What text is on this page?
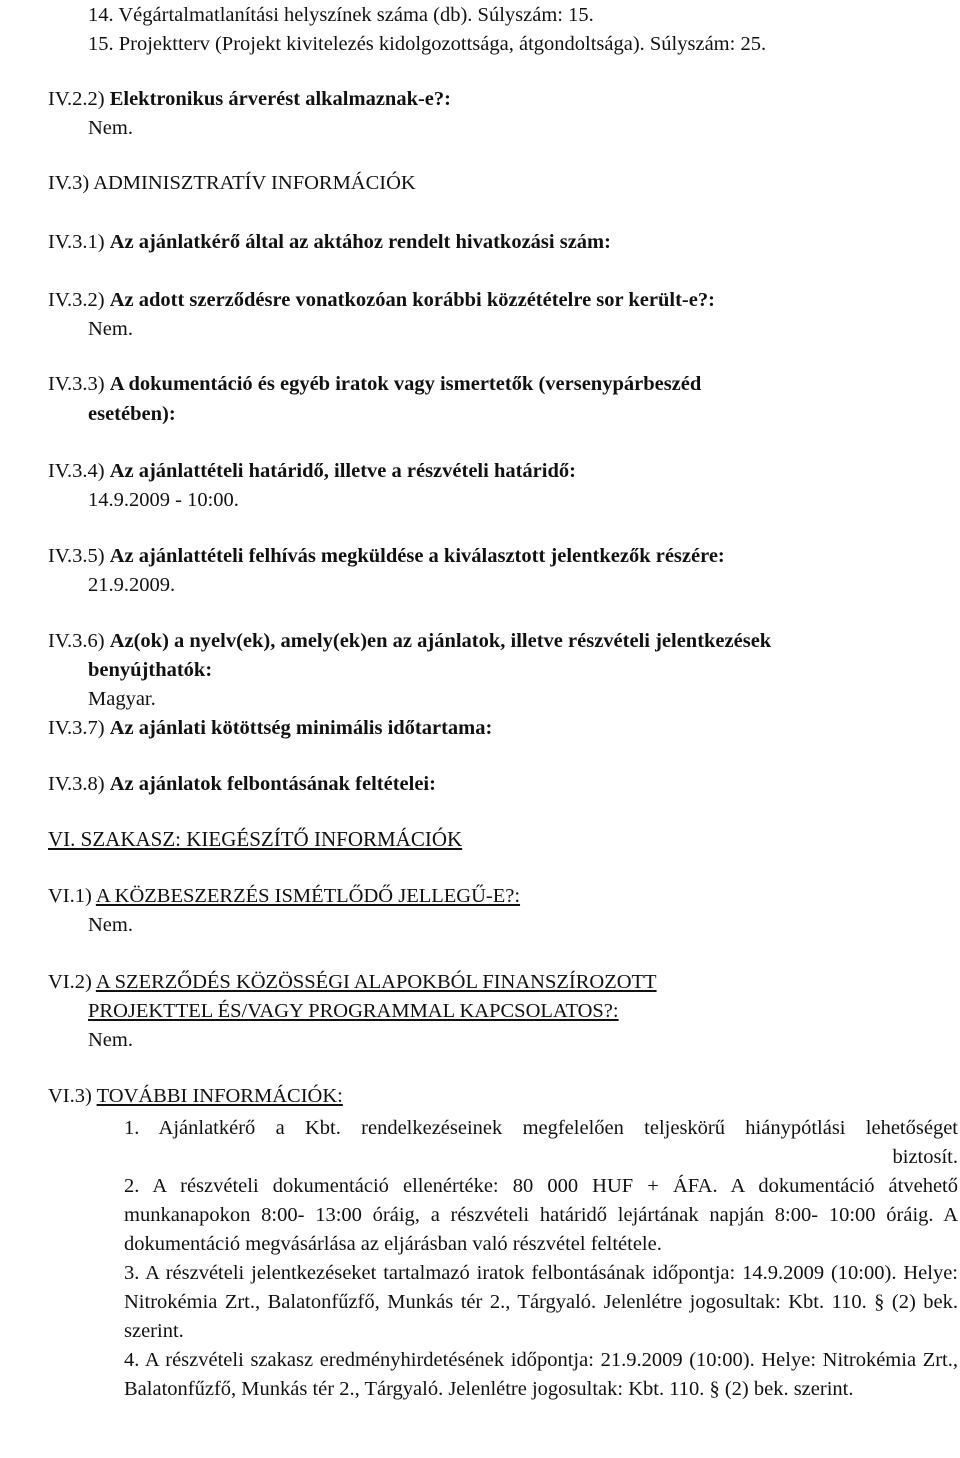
14. Végártalmatlanítási helyszínek száma (db). Súlyszám: 15.
15. Projektterv (Projekt kivitelezés kidolgozottsága, átgondoltsága). Súlyszám: 25.
IV.2.2) Elektronikus árverést alkalmaznak-e?:
Nem.
IV.3) ADMINISZTRATÍV INFORMÁCIÓK
IV.3.1) Az ajánlatkérő által az aktához rendelt hivatkozási szám:
IV.3.2) Az adott szerződésre vonatkozóan korábbi közzétételre sor került-e?:
Nem.
IV.3.3) A dokumentáció és egyéb iratok vagy ismertetők (versenypárbeszéd
esetében):
IV.3.4) Az ajánlattételi határidő, illetve a részvételi határidő:
14.9.2009 - 10:00.
IV.3.5) Az ajánlattételi felhívás megküldése a kiválasztott jelentkezők részére:
21.9.2009.
IV.3.6) Az(ok) a nyelv(ek), amely(ek)en az ajánlatok, illetve részvételi jelentkezések
benyújthatók:
Magyar.
IV.3.7) Az ajánlati kötöttség minimális időtartama:
IV.3.8) Az ajánlatok felbontásának feltételei:
VI. SZAKASZ: KIEGÉSZÍTŐ INFORMÁCIÓK
VI.1) A KÖZBESZERZÉS ISMÉTLŐDŐ JELLEGŰ-E?:
Nem.
VI.2) A SZERZŐDÉS KÖZÖSSÉGI ALAPOKBÓL FINANSZÍROZOTT
PROJEKTTEL ÉS/VAGY PROGRAMMAL KAPCSOLATOS?:
Nem.
VI.3) TOVÁBBI INFORMÁCIÓK:

1. Ajánlatkérő a Kbt. rendelkezéseinek megfelelően teljeskörű hiánypótlási lehetőséget

biztosít.

2. A részvételi dokumentáció ellenértéke: 80 000 HUF + ÁFA. A dokumentáció átvehető munkanapokon 8:00- 13:00 óráig, a részvételi határidő lejártának napján 8:00- 10:00 óráig. A dokumentáció megvásárlása az eljárásban való részvétel feltétele.

3. A részvételi jelentkezéseket tartalmazó iratok felbontásának időpontja: 14.9.2009 (10:00). Helye: Nitrokémia Zrt., Balatonfűzfő, Munkás tér 2., Tárgyaló. Jelenlétre jogosultak: Kbt. 110. § (2) bek. szerint.

4. A részvételi szakasz eredményhirdetésének időpontja: 21.9.2009 (10:00). Helye: Nitrokémia Zrt., Balatonfűzfő, Munkás tér 2., Tárgyaló. Jelenlétre jogosultak: Kbt. 110. § (2) bek. szerint.
